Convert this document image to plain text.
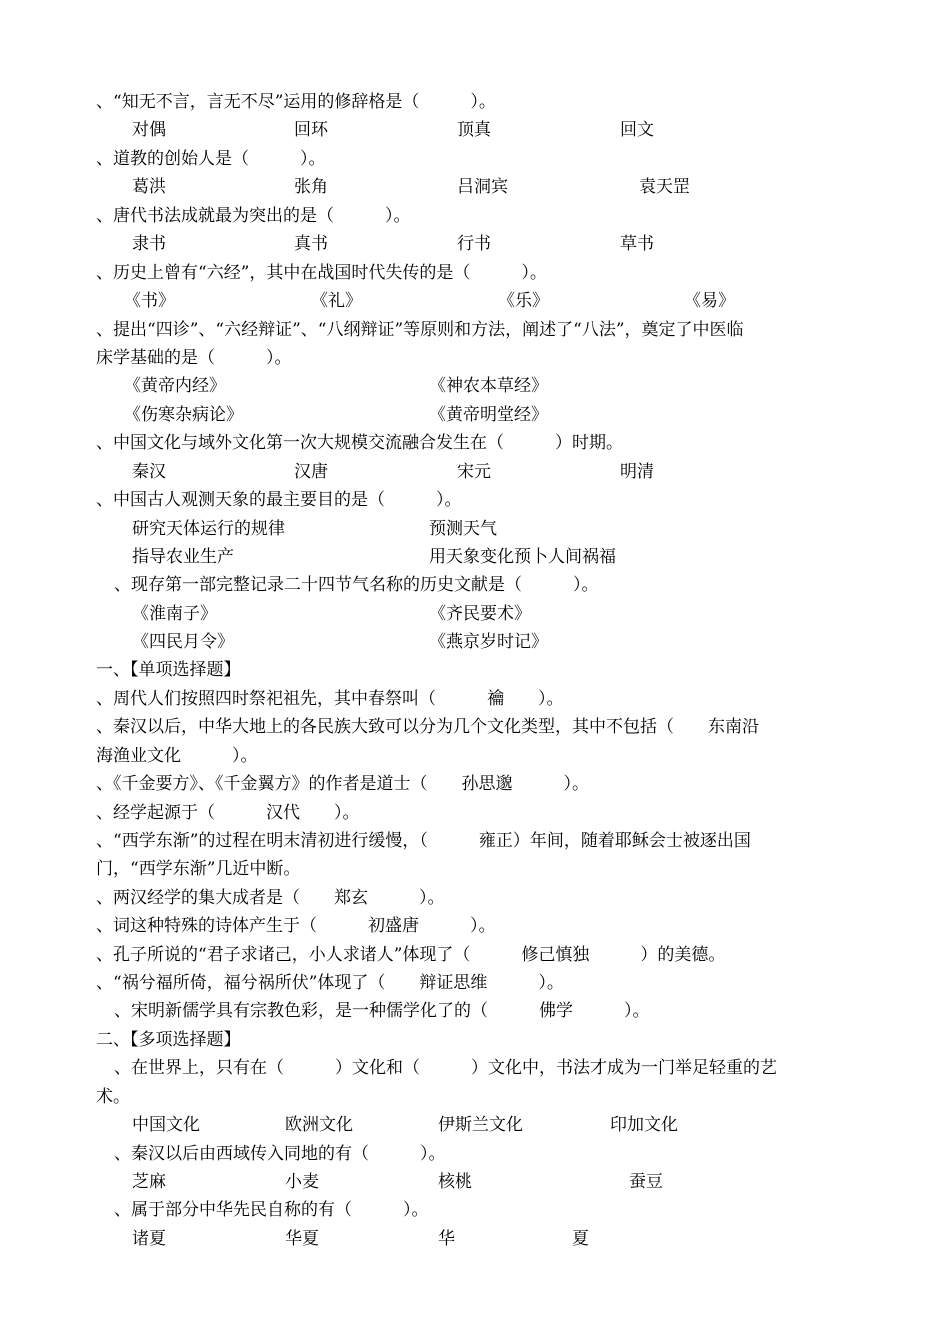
、“知无不言，言无不尽”运用的修辞格是（　　　）。
对偶	回环	顶真	回文
、道教的创始人是（　　　）。
葛洪	张角	吕洞宾	袁天罡
、唐代书法成就最为突出的是（　　　）。
隶书	真书	行书	草书
、历史上曾有“六经”，其中在战国时代失传的是（　　　）。
《书》	《礼》	《乐》	《易》
、提出“四诊”、“六经辩证”、“八纲辩证”等原则和方法，阐述了“八法”，奠定了中医临
床学基础的是（　　　）。
《黄帝内经》	《神农本草经》
《伤寒杂病论》	《黄帝明堂经》
、中国文化与域外文化第一次大规模交流融合发生在（　　　）时期。
秦汉	汉唐	宋元	明清
、中国古人观测天象的最主要目的是（　　　）。
研究天体运行的规律	预测天气
指导农业生产	用天象变化预卜人间祸福
、现存第一部完整记录二十四节气名称的历史文献是（　　　）。
《淮南子》	《齐民要术》
《四民月令》	《燕京岁时记》
一、【单项选择题】
、周代人们按照四时祭祀祖先，其中春祭叫（　　　禴　　）。
、秦汉以后，中华大地上的各民族大致可以分为几个文化类型，其中不包括（　　东南沿
海渔业文化　　　）。
、《千金要方》、《千金翼方》的作者是道士（　　孙思邈　　　）。
、经学起源于（　　　汉代　　）。
、“西学东渐”的过程在明末清初进行缓慢，（　　　雍正）年间，随着耶稣会士被逐出国
门，“西学东渐”几近中断。
、两汉经学的集大成者是（　　郑玄　　　）。
、词这种特殊的诗体产生于（　　　初盛唐　　　）。
、孔子所说的“君子求诸己，小人求诸人”体现了（　　　修己慎独　　　）的美德。
、“祸兮福所倚，福兮祸所伏”体现了（　　辩证思维　　　）。
、宋明新儒学具有宗教色彩，是一种儒学化了的（　　　佛学　　　）。
二、【多项选择题】
、在世界上，只有在（　　　）文化和（　　　）文化中，书法才成为一门举足轻重的艺
术。
中国文化	欧洲文化	伊斯兰文化	印加文化
、秦汉以后由西域传入同地的有（　　　）。
芝麻	小麦	核桃	蚕豆
、属于部分中华先民自称的有（　　　）。
诸夏	华夏	华	夏
